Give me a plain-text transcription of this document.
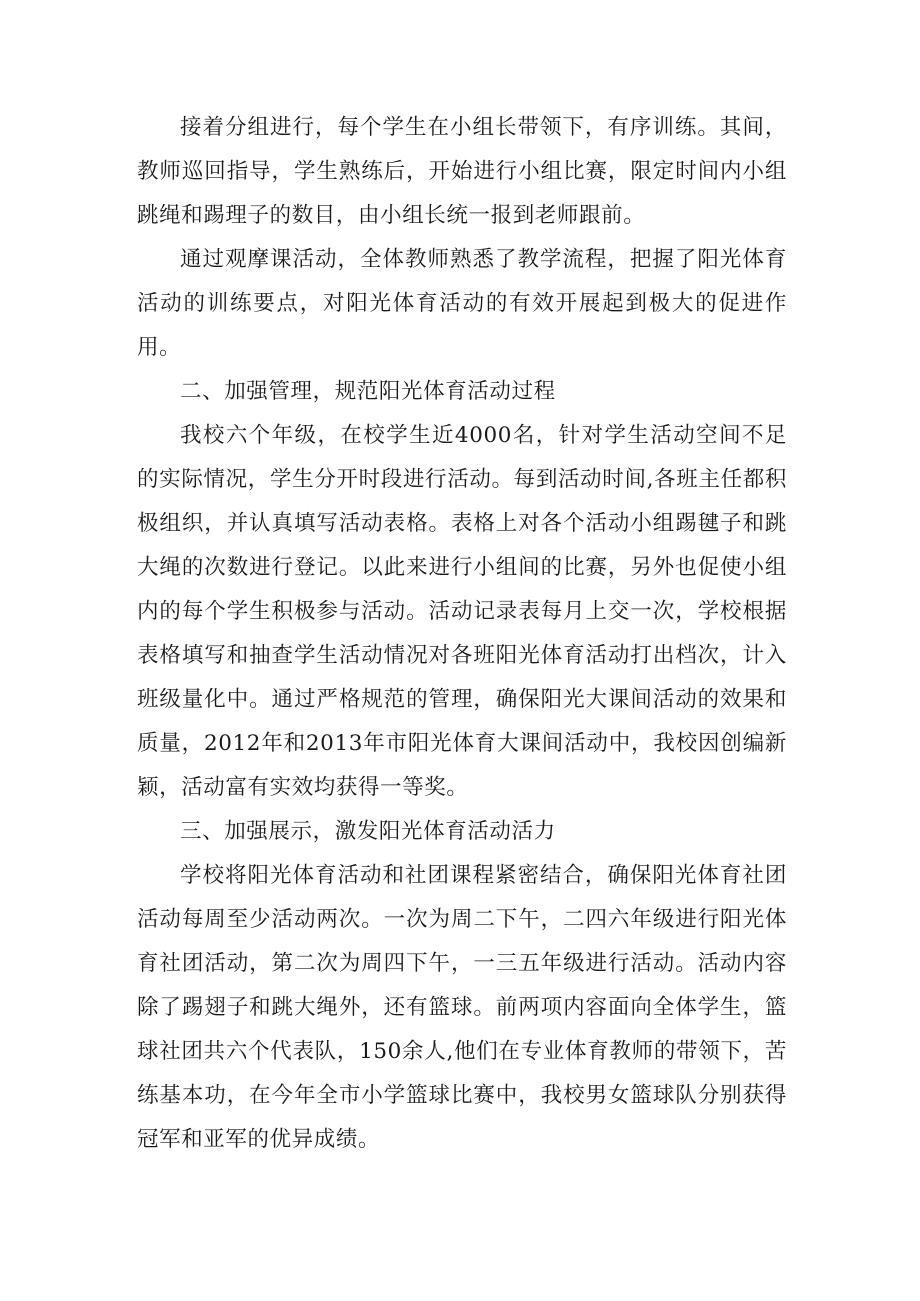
接着分组进行，每个学生在小组长带领下，有序训练。其间，教师巡回指导，学生熟练后，开始进行小组比赛，限定时间内小组跳绳和踢理子的数目，由小组长统一报到老师跟前。

通过观摩课活动，全体教师熟悉了教学流程，把握了阳光体育活动的训练要点，对阳光体育活动的有效开展起到极大的促进作用。

二、加强管理，规范阳光体育活动过程

我校六个年级，在校学生近4000名，针对学生活动空间不足的实际情况，学生分开时段进行活动。每到活动时间,各班主任都积极组织，并认真填写活动表格。表格上对各个活动小组踢毽子和跳大绳的次数进行登记。以此来进行小组间的比赛，另外也促使小组内的每个学生积极参与活动。活动记录表每月上交一次，学校根据表格填写和抽查学生活动情况对各班阳光体育活动打出档次，计入班级量化中。通过严格规范的管理，确保阳光大课间活动的效果和质量，2012年和2013年市阳光体育大课间活动中，我校因创编新颖，活动富有实效均获得一等奖。

三、加强展示，激发阳光体育活动活力

学校将阳光体育活动和社团课程紧密结合，确保阳光体育社团活动每周至少活动两次。一次为周二下午，二四六年级进行阳光体育社团活动，第二次为周四下午，一三五年级进行活动。活动内容除了踢翅子和跳大绳外，还有篮球。前两项内容面向全体学生，篮球社团共六个代表队，150余人,他们在专业体育教师的带领下，苦练基本功，在今年全市小学篮球比赛中，我校男女篮球队分别获得冠军和亚军的优异成绩。
